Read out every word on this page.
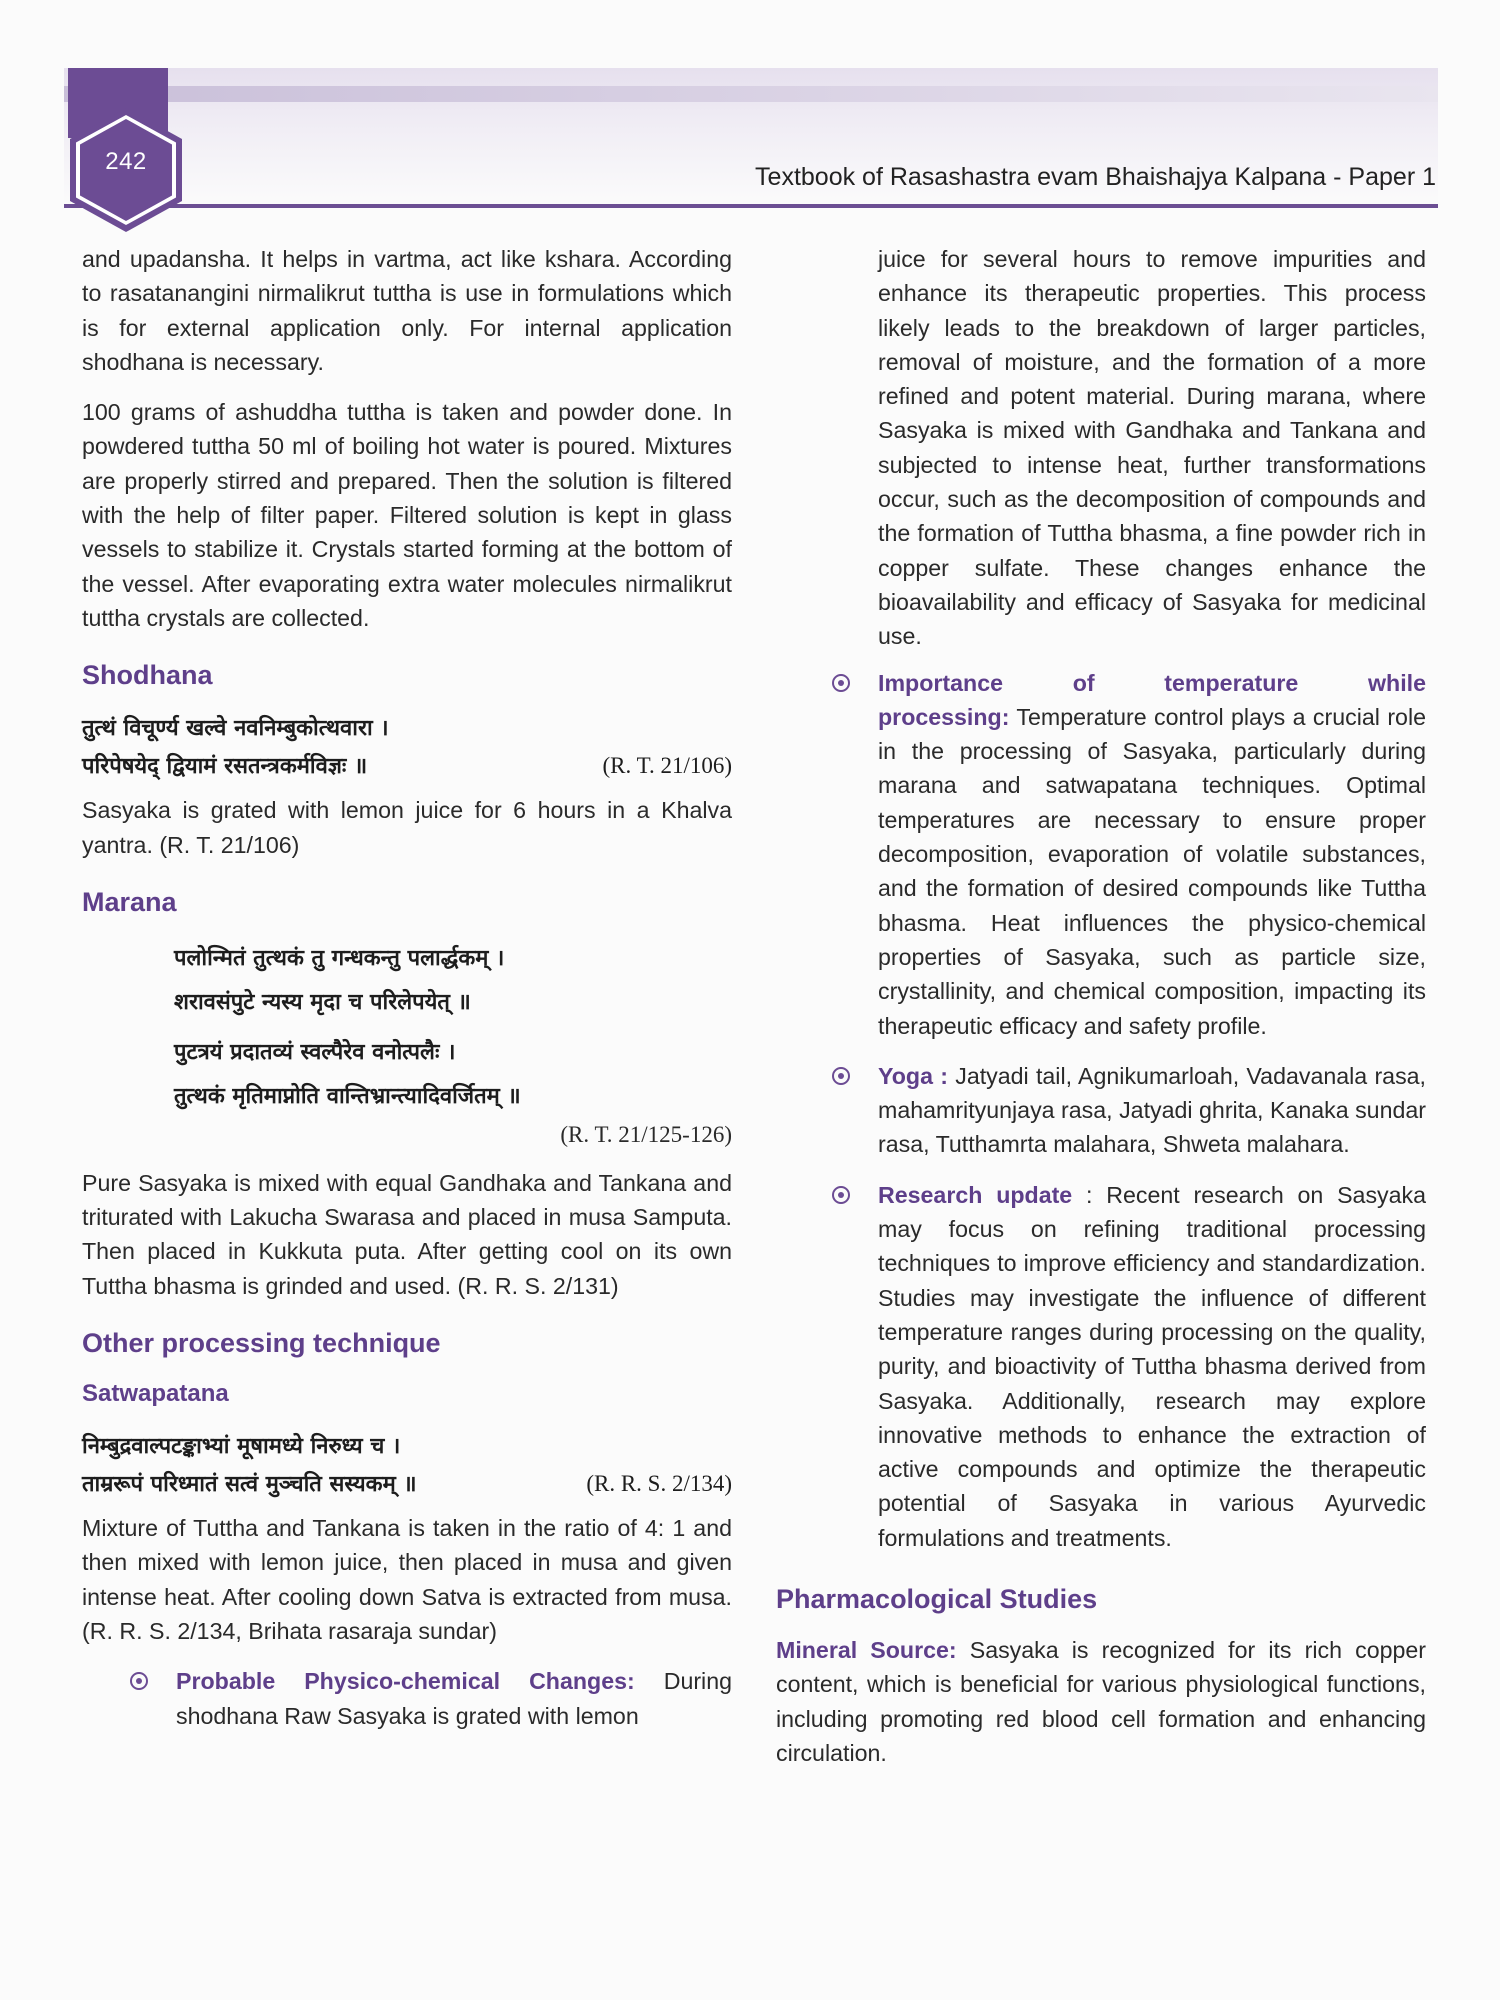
242
Textbook of Rasashastra evam Bhaishajya Kalpana - Paper 1

and upadansha. It helps in vartma, act like kshara. According to rasatanangini nirmalikrut tuttha is use in formulations which is for external application only. For internal application shodhana is necessary.

100 grams of ashuddha tuttha is taken and powder done. In powdered tuttha 50 ml of boiling hot water is poured. Mixtures are properly stirred and prepared. Then the solution is filtered with the help of filter paper. Filtered solution is kept in glass vessels to stabilize it. Crystals started forming at the bottom of the vessel. After evaporating extra water molecules nirmalikrut tuttha crystals are collected.

Shodhana
तुत्थं विचूर्ण्य खल्वे नवनिम्बुकोत्थवारा ।
परिपेषयेद् द्वियामं रसतन्त्रकर्मविज्ञः ॥	(R. T. 21/106)

Sasyaka is grated with lemon juice for 6 hours in a Khalva yantra. (R. T. 21/106)

Marana
पलोन्मितं तुत्थकं तु गन्धकन्तु पलार्द्धकम् ।
शरावसंपुटे न्यस्य मृदा च परिलेपयेत् ॥
पुटत्रयं प्रदातव्यं स्वल्पैरेव वनोत्पलैः ।
तुत्थकं मृतिमाप्नोति वान्तिभ्रान्त्यादिवर्जितम् ॥
(R. T. 21/125-126)

Pure Sasyaka is mixed with equal Gandhaka and Tankana and triturated with Lakucha Swarasa and placed in musa Samputa. Then placed in Kukkuta puta. After getting cool on its own Tuttha bhasma is grinded and used. (R. R. S. 2/131)

Other processing technique
Satwapatana
निम्बुद्रवाल्पटङ्काभ्यां मूषामध्ये निरुध्य च ।
ताम्ररूपं परिध्मातं सत्वं मुञ्चति सस्यकम् ॥	(R. R. S. 2/134)

Mixture of Tuttha and Tankana is taken in the ratio of 4: 1 and then mixed with lemon juice, then placed in musa and given intense heat. After cooling down Satva is extracted from musa. (R. R. S. 2/134, Brihata rasaraja sundar)

Probable Physico-chemical Changes: During shodhana Raw Sasyaka is grated with lemon

juice for several hours to remove impurities and enhance its therapeutic properties. This process likely leads to the breakdown of larger particles, removal of moisture, and the formation of a more refined and potent material. During marana, where Sasyaka is mixed with Gandhaka and Tankana and subjected to intense heat, further transformations occur, such as the decomposition of compounds and the formation of Tuttha bhasma, a fine powder rich in copper sulfate. These changes enhance the bioavailability and efficacy of Sasyaka for medicinal use.

Importance	of	temperature	while
processing: Temperature control plays a crucial role in the processing of Sasyaka, particularly during marana and satwapatana techniques. Optimal temperatures are necessary to ensure proper decomposition, evaporation of volatile substances, and the formation of desired compounds like Tuttha bhasma. Heat influences the physico-chemical properties of Sasyaka, such as particle size, crystallinity, and chemical composition, impacting its therapeutic efficacy and safety profile.
Yoga : Jatyadi tail, Agnikumarloah, Vadavanala rasa, mahamrityunjaya rasa, Jatyadi ghrita, Kanaka sundar rasa, Tutthamrta malahara, Shweta malahara.
Research update : Recent research on Sasyaka may focus on refining traditional processing techniques to improve efficiency and standardization. Studies may investigate the influence of different temperature ranges during processing on the quality, purity, and bioactivity of Tuttha bhasma derived from Sasyaka. Additionally, research may explore innovative methods to enhance the extraction of active compounds and optimize the therapeutic potential of Sasyaka in various Ayurvedic formulations and treatments.
Pharmacological Studies

Mineral Source: Sasyaka is recognized for its rich copper content, which is beneficial for various physiological functions, including promoting red blood cell formation and enhancing circulation.
